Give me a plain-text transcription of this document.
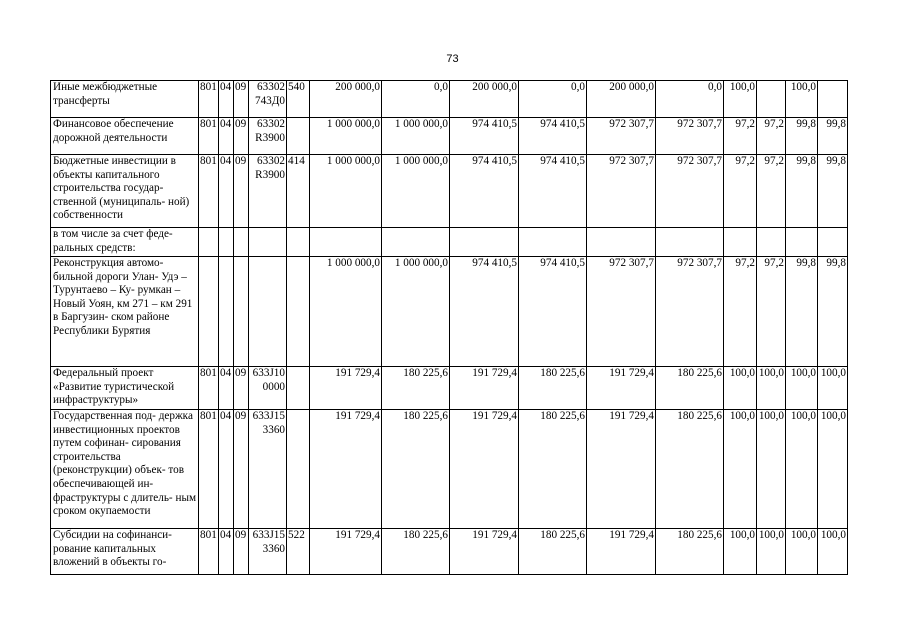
73
Иные межбюджетные трансферты	801	04	09	63302 743Д0	540	200 000,0	0,0	200 000,0	0,0	200 000,0	0,0	100,0		100,0	
Финансовое обеспечение дорожной деятельности	801	04	09	63302 R3900		1 000 000,0	1 000 000,0	974 410,5	974 410,5	972 307,7	972 307,7	97,2	97,2	99,8	99,8
Бюджетные инвестиции в объекты капитального строительства государ- ственной (муниципаль- ной) собственности	801	04	09	63302 R3900	414	1 000 000,0	1 000 000,0	974 410,5	974 410,5	972 307,7	972 307,7	97,2	97,2	99,8	99,8
в том числе за счет феде- ральных средств:															
Реконструкция автомо- бильной дороги Улан- Удэ – Турунтаево – Ку- румкан – Новый Уоян, км 271 – км 291 в Баргузин- ском районе Республики Бурятия						1 000 000,0	1 000 000,0	974 410,5	974 410,5	972 307,7	972 307,7	97,2	97,2	99,8	99,8
Федеральный проект «Развитие туристической инфраструктуры»	801	04	09	633J10 0000		191 729,4	180 225,6	191 729,4	180 225,6	191 729,4	180 225,6	100,0	100,0	100,0	100,0
Государственная под- держка инвестиционных проектов путем софинан- сирования строительства (реконструкции) объек- тов обеспечивающей ин- фраструктуры с длитель- ным сроком окупаемости	801	04	09	633J15 3360		191 729,4	180 225,6	191 729,4	180 225,6	191 729,4	180 225,6	100,0	100,0	100,0	100,0
Субсидии на софинанси- рование капитальных вложений в объекты го-	801	04	09	633J15 3360	522	191 729,4	180 225,6	191 729,4	180 225,6	191 729,4	180 225,6	100,0	100,0	100,0	100,0
